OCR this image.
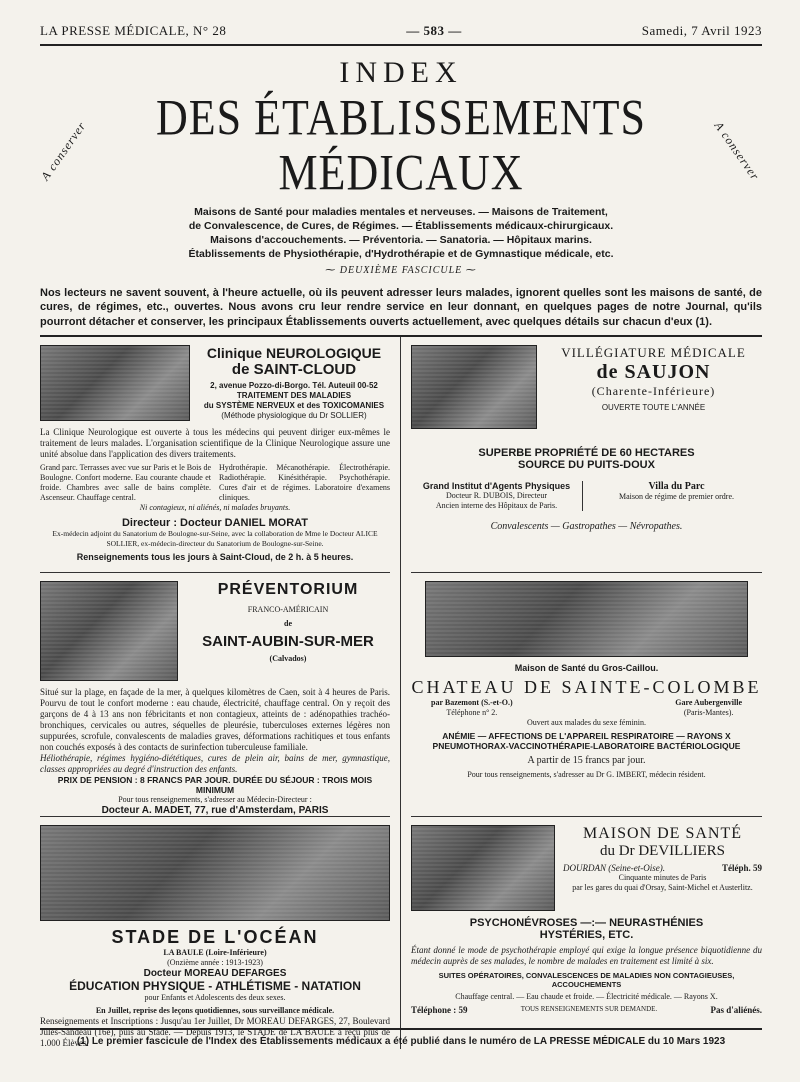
LA PRESSE MÉDICALE, N° 28	— 583 —	Samedi, 7 Avril 1923
INDEX
DES ÉTABLISSEMENTS MÉDICAUX
Maisons de Santé pour maladies mentales et nerveuses. — Maisons de Traitement,
de Convalescence, de Cures, de Régimes. — Établissements médicaux-chirurgicaux.
Maisons d'accouchements. — Préventoria. — Sanatoria. — Hôpitaux marins.
Établissements de Physiothérapie, d'Hydrothérapie et de Gymnastique médicale, etc.
⁓ DEUXIÈME FASCICULE ⁓
A conserver	A conserver

Nos lecteurs ne savent souvent, à l'heure actuelle, où ils peuvent adresser leurs malades, ignorent quelles sont les maisons de santé, de cures, de régimes, etc., ouvertes. Nous avons cru leur rendre service en leur donnant, en quelques pages de notre Journal, qu'ils pourront détacher et conserver, les principaux Établissements ouverts actuellement, avec quelques détails sur chacun d'eux (1).

Clinique NEUROLOGIQUE
de SAINT-CLOUD
2, avenue Pozzo-di-Borgo. Tél. Auteuil 00-52
TRAITEMENT DES MALADIES
du SYSTÈME NERVEUX et des TOXICOMANIES
(Méthode physiologique du Dr SOLLIER)

La Clinique Neurologique est ouverte à tous les médecins qui peuvent diriger eux-mêmes le traitement de leurs malades. L'organisation scientifique de la Clinique Neurologique assure une unité absolue dans l'application des divers traitements.

Grand parc. Terrasses avec vue sur Paris et le Bois de Boulogne. Confort moderne. Eau courante chaude et froide. Chambres avec salle de bains complète. Ascenseur. Chauffage central.

Hydrothérapie. Mécanothérapie. Électrothérapie. Radiothérapie. Kinésithérapie. Psychothérapie. Cures d'air et de régimes. Laboratoire d'examens cliniques.

Ni contagieux, ni aliénés, ni malades bruyants.
Directeur : Docteur DANIEL MORAT

Ex-médecin adjoint du Sanatorium de Boulogne-sur-Seine, avec la collaboration de Mme le Docteur ALICE SOLLIER, ex-médecin-directeur du Sanatorium de Boulogne-sur-Seine.

Renseignements tous les jours à Saint-Cloud, de 2 h. à 5 heures.
PRÉVENTORIUM
FRANCO-AMÉRICAIN
de
SAINT-AUBIN-SUR-MER
(Calvados)

Situé sur la plage, en façade de la mer, à quelques kilomètres de Caen, soit à 4 heures de Paris. Pourvu de tout le confort moderne : eau chaude, électricité, chauffage central. On y reçoit des garçons de 4 à 13 ans non fébricitants et non contagieux, atteints de : adénopathies trachéo-bronchiques, cervicales ou autres, séquelles de pleurésie, tuberculoses externes légères non suppurées, scrofule, convalescents de maladies graves, déformations rachitiques et tous enfants non couchés exposés à des contacts de surinfection tuberculeuse familiale.

Héliothérapie, régimes hygiéno-diététiques, cures de plein air, bains de mer, gymnastique, classes appropriées au degré d'instruction des enfants.

PRIX DE PENSION : 8 FRANCS PAR JOUR. DURÉE DU SÉJOUR : TROIS MOIS MINIMUM
Pour tous renseignements, s'adresser au Médecin-Directeur :
Docteur A. MADET, 77, rue d'Amsterdam, PARIS
STADE DE L'OCÉAN
LA BAULE (Loire-Inférieure)
(Onzième année : 1913-1923)
Docteur MOREAU DEFARGES
ÉDUCATION PHYSIQUE - ATHLÉTISME - NATATION
pour Enfants et Adolescents des deux sexes.
En Juillet, reprise des leçons quotidiennes, sous surveillance médicale.

Renseignements et Inscriptions : Jusqu'au 1er Juillet, Dr MOREAU DEFARGES, 27, Boulevard Jules-Sandeau (16e), puis au Stade. — Depuis 1913, le STADE de LA BAULE a reçu plus de 1.000 Élèves.

VILLÉGIATURE MÉDICALE
de SAUJON
(Charente-Inférieure)
OUVERTE TOUTE L'ANNÉE
SUPERBE PROPRIÉTÉ DE 60 HECTARES
SOURCE DU PUITS-DOUX
Grand Institut d'Agents Physiques
Docteur R. DUBOIS, Directeur
Ancien interne des Hôpitaux de Paris.
Villa du Parc
Maison de régime de premier ordre.
Convalescents — Gastropathes — Névropathes.
Maison de Santé du Gros-Caillou.
CHATEAU DE SAINTE-COLOMBE
par Bazemont (S.-et-O.)
Téléphone n° 2.
Gare Aubergenville
(Paris-Mantes).
Ouvert aux malades du sexe féminin.
ANÉMIE — AFFECTIONS DE L'APPAREIL RESPIRATOIRE — RAYONS X
PNEUMOTHORAX-VACCINOTHÉRAPIE-LABORATOIRE BACTÉRIOLOGIQUE
A partir de 15 francs par jour.
Pour tous renseignements, s'adresser au Dr G. IMBERT, médecin résident.
MAISON DE SANTÉ
du Dr DEVILLIERS
DOURDAN (Seine-et-Oise).	Téléph. 59
Cinquante minutes de Paris
par les gares du quai d'Orsay, Saint-Michel et Austerlitz.
PSYCHONÉVROSES —:— NEURASTHÉNIES
HYSTÉRIES, ETC.

Étant donné le mode de psychothérapie employé qui exige la longue présence biquotidienne du médecin auprès de ses malades, le nombre de malades en traitement est limité à six.

SUITES OPÉRATOIRES, CONVALESCENCES DE MALADIES NON CONTAGIEUSES, ACCOUCHEMENTS
Chauffage central. — Eau chaude et froide. — Électricité médicale. — Rayons X.
Téléphone : 59	TOUS RENSEIGNEMENTS SUR DEMANDE.	Pas d'aliénés.
(1) Le premier fascicule de l'Index des Établissements médicaux a été publié dans le numéro de LA PRESSE MÉDICALE du 10 Mars 1923
